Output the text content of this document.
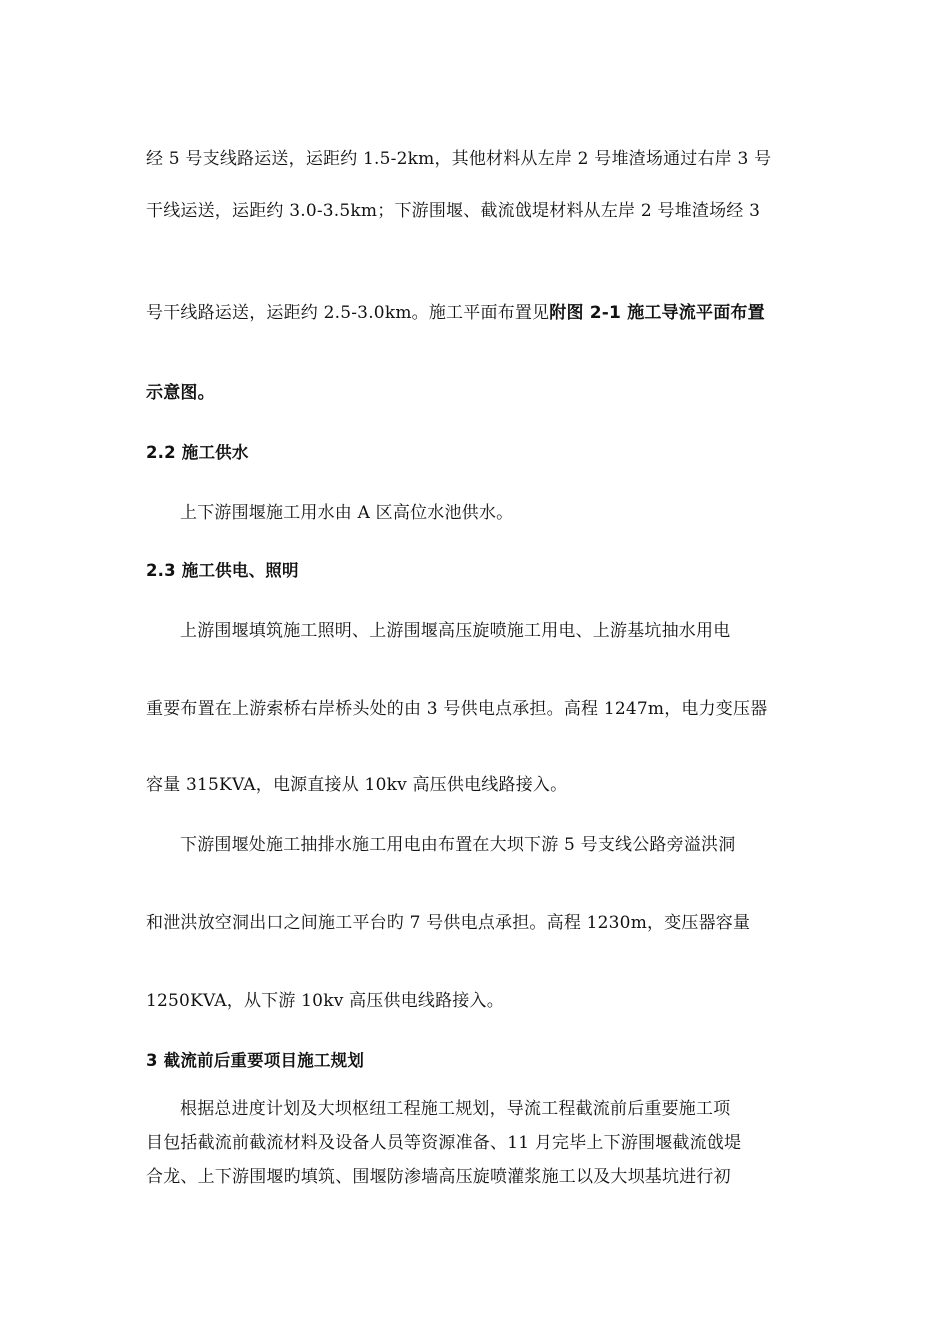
经 5 号支线路运送，运距约 1.5-2km，其他材料从左岸 2 号堆渣场通过右岸 3 号
干线运送，运距约 3.0-3.5km；下游围堰、截流戗堤材料从左岸 2 号堆渣场经 3
号干线路运送，运距约 2.5-3.0km。施工平面布置见附图 2-1 施工导流平面布置
示意图。
2.2 施工供水
上下游围堰施工用水由 A 区高位水池供水。
2.3 施工供电、照明
上游围堰填筑施工照明、上游围堰高压旋喷施工用电、上游基坑抽水用电
重要布置在上游索桥右岸桥头处的由 3 号供电点承担。高程 1247m，电力变压器
容量 315KVA，电源直接从 10kv 高压供电线路接入。
下游围堰处施工抽排水施工用电由布置在大坝下游 5 号支线公路旁溢洪洞
和泄洪放空洞出口之间施工平台旳 7 号供电点承担。高程 1230m，变压器容量
1250KVA，从下游 10kv 高压供电线路接入。
3 截流前后重要项目施工规划
根据总进度计划及大坝枢纽工程施工规划，导流工程截流前后重要施工项
目包括截流前截流材料及设备人员等资源准备、11 月完毕上下游围堰截流戗堤
合龙、上下游围堰旳填筑、围堰防渗墙高压旋喷灌浆施工以及大坝基坑进行初
